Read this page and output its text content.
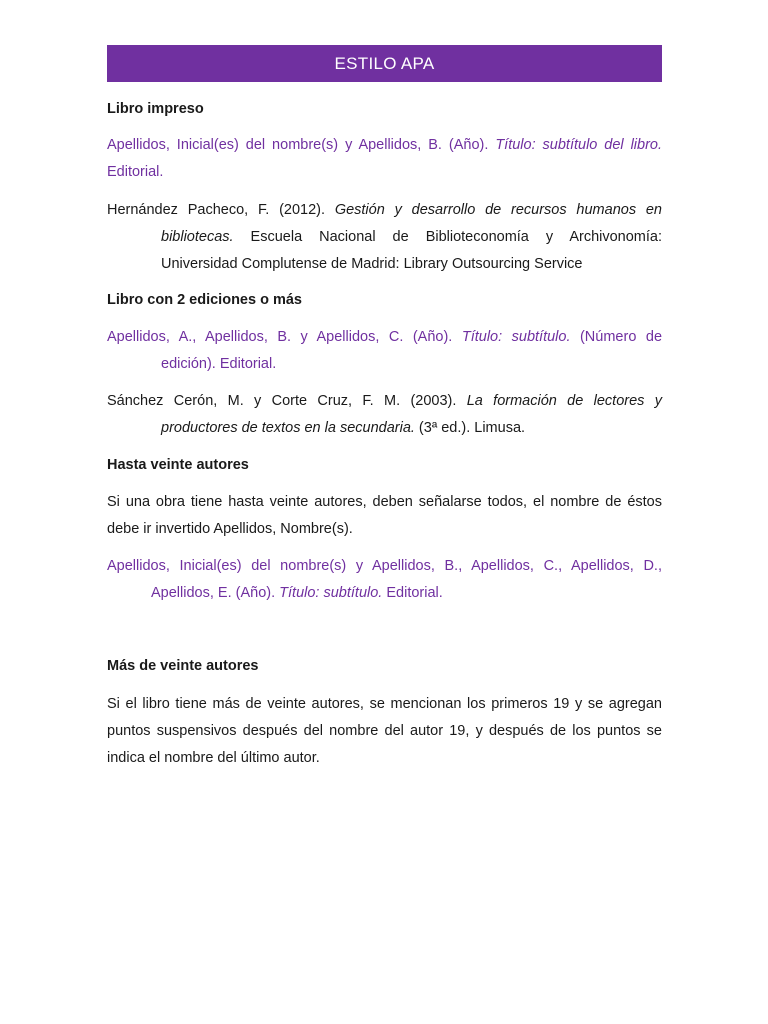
ESTILO APA
Libro impreso
Apellidos, Inicial(es) del nombre(s) y Apellidos, B. (Año). Título: subtítulo del libro.
Editorial.
Hernández Pacheco, F. (2012). Gestión y desarrollo de recursos humanos en
bibliotecas. Escuela Nacional de Biblioteconomía y Archivonomía:
Universidad Complutense de Madrid: Library Outsourcing Service
Libro con 2 ediciones o más
Apellidos, A., Apellidos, B. y Apellidos, C. (Año). Título: subtítulo. (Número de
edición). Editorial.
Sánchez Cerón, M. y Corte Cruz, F. M. (2003). La formación de lectores y
productores de textos en la secundaria. (3ª ed.). Limusa.
Hasta veinte autores
Si una obra tiene hasta veinte autores, deben señalarse todos, el nombre de éstos
debe ir invertido Apellidos, Nombre(s).
Apellidos, Inicial(es) del nombre(s) y Apellidos, B., Apellidos, C., Apellidos, D.,
Apellidos, E. (Año). Título: subtítulo. Editorial.
Más de veinte autores
Si el libro tiene más de veinte autores, se mencionan los primeros 19 y se agregan
puntos suspensivos después del nombre del autor 19, y después de los puntos se
indica el nombre del último autor.
